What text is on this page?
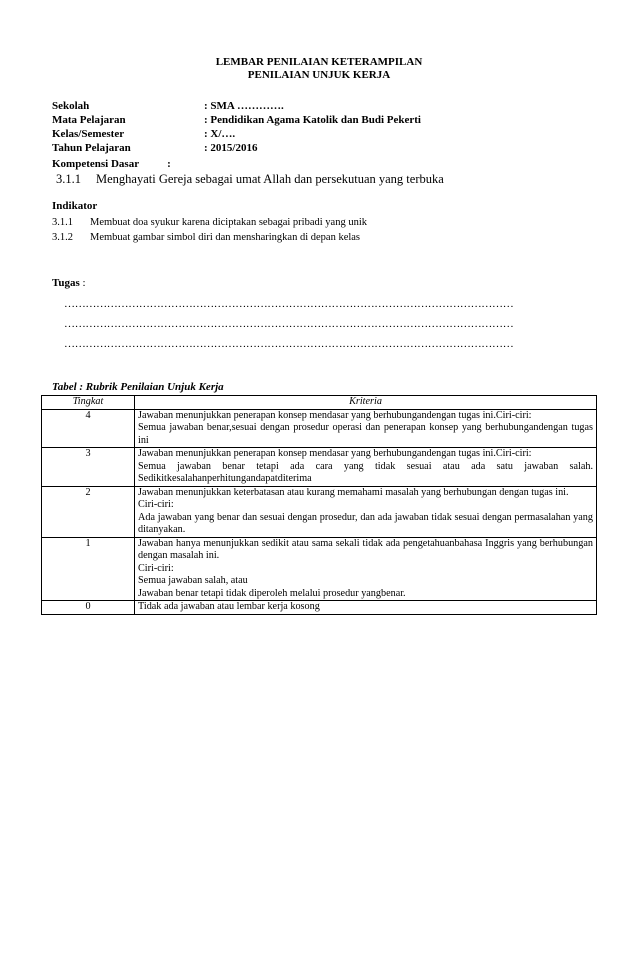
LEMBAR PENILAIAN KETERAMPILAN
PENILAIAN UNJUK KERJA
Sekolah	: SMA ………….
Mata Pelajaran	: Pendidikan Agama Katolik dan Budi Pekerti
Kelas/Semester	: X/….
Tahun Pelajaran	: 2015/2016
Kompetensi Dasar	:
3.1.1 Menghayati Gereja sebagai umat Allah dan persekutuan yang terbuka
Indikator
3.1.1 Membuat doa syukur karena diciptakan sebagai pribadi yang unik
3.1.2 Membuat gambar simbol diri dan mensharingkan di depan kelas
Tugas :
………………………………………………………………………………………………………………
………………………………………………………………………………………………………………
………………………………………………………………………………………………………………
Tabel : Rubrik Penilaian Unjuk Kerja
Tingkat	Kriteria
4	Jawaban menunjukkan penerapan konsep mendasar yang berhubungandengan tugas ini.Ciri-ciri:
Semua jawaban benar,sesuai dengan prosedur operasi dan penerapan konsep yang berhubungandengan tugas ini

3	Jawaban menunjukkan penerapan konsep mendasar yang berhubungandengan tugas ini.Ciri-ciri:
Semua jawaban benar tetapi ada cara yang tidak sesuai atau ada satu jawaban salah. Sedikitkesalahanperhitungandapatditerima

2	Jawaban menunjukkan keterbatasan atau kurang memahami masalah yang berhubungan dengan tugas ini.
Ciri-ciri:
Ada jawaban yang benar dan sesuai dengan prosedur, dan ada jawaban tidak sesuai dengan permasalahan yang ditanyakan.

1	Jawaban hanya menunjukkan sedikit atau sama sekali tidak ada pengetahuanbahasa Inggris yang berhubungan dengan masalah ini.
Ciri-ciri:
Semua jawaban salah, atau
Jawaban benar tetapi tidak diperoleh melalui prosedur yangbenar.

0	Tidak ada jawaban atau lembar kerja kosong
